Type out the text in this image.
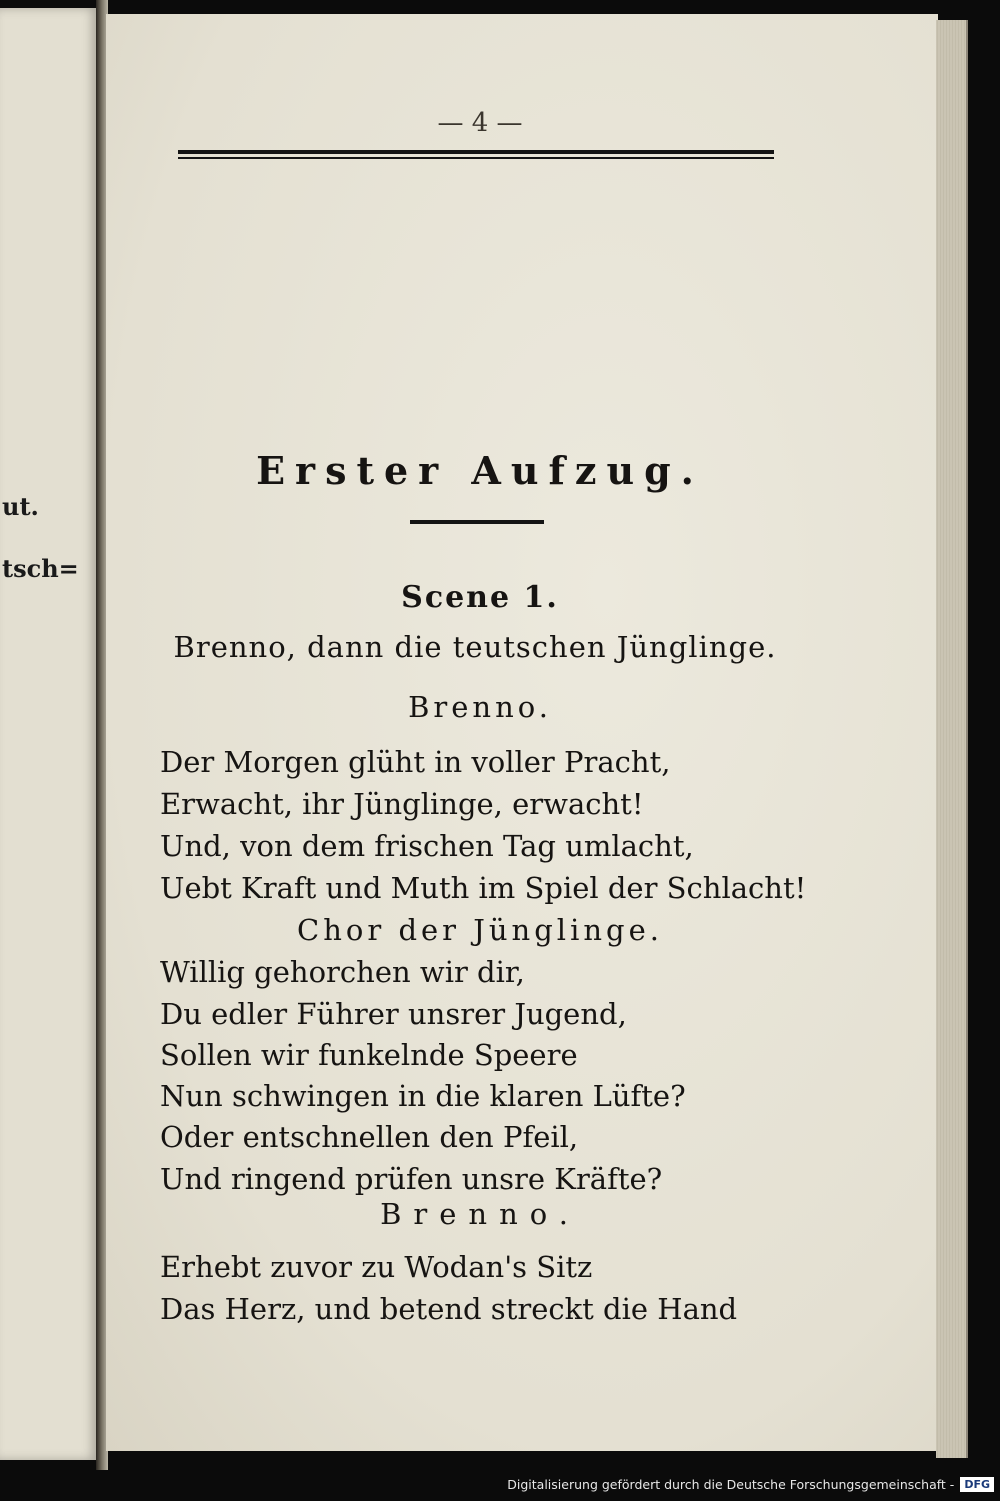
ut.
tsch=
— 4 —
Erster Aufzug.
Scene 1.
Brenno, dann die teutschen Jünglinge.
Brenno.
Der Morgen glüht in voller Pracht,
Erwacht, ihr Jünglinge, erwacht!
Und, von dem frischen Tag umlacht,
Uebt Kraft und Muth im Spiel der Schlacht!
Chor der Jünglinge.
Willig gehorchen wir dir,
Du edler Führer unsrer Jugend,
Sollen wir funkelnde Speere
Nun schwingen in die klaren Lüfte?
Oder entschnellen den Pfeil,
Und ringend prüfen unsre Kräfte?
Brenno.
Erhebt zuvor zu Wodan's Sitz
Das Herz, und betend streckt die Hand
Digitalisierung gefördert durch die Deutsche Forschungsgemeinschaft - DFG
